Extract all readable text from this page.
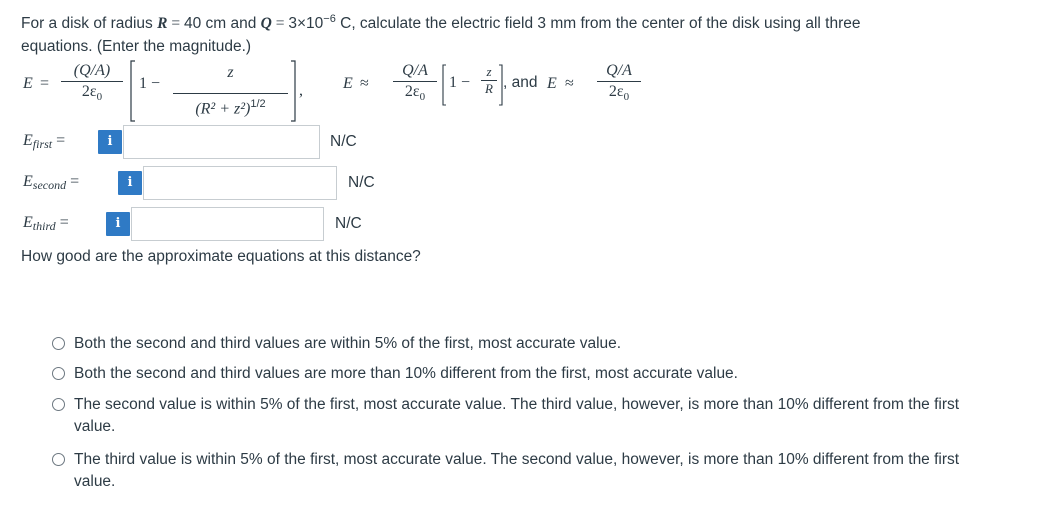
For a disk of radius R = 40 cm and $Q = 3\times 10^{-6}$ C, calculate the electric field 3 mm from the center of the disk using all three
equations. (Enter the magnitude.)
E =
(Q/A)
$2\varepsilon_0$
1 −
z
$(R^2 + z^2)^{1/2}$
,	E ≈
Q/A
$2\varepsilon_0$
1 −
z
R , and E ≈
Q/A
$2\varepsilon_0$
$E_{first}$ =	i	N/C
$E_{second}$ =	i	N/C
$E_{third}$ =	i	N/C
How good are the approximate equations at this distance?
Both the second and third values are within 5% of the first, most accurate value.
Both the second and third values are more than 10% different from the first, most accurate value.
The second value is within 5% of the first, most accurate value. The third value, however, is more than 10% different from the first value.
The third value is within 5% of the first, most accurate value. The second value, however, is more than 10% different from the first value.
